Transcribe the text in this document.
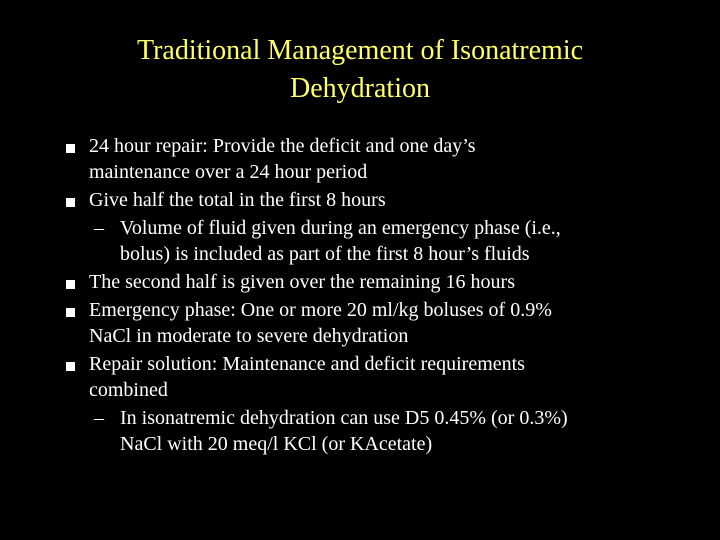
Traditional Management of Isonatremic
Dehydration
24 hour repair: Provide the deficit and one day’s
maintenance over a 24 hour period
Give half the total in the first 8 hours
– Volume of fluid given during an emergency phase (i.e.,
bolus) is included as part of the first 8 hour’s fluids
The second half is given over the remaining 16 hours
Emergency phase: One or more 20 ml/kg boluses of 0.9%
NaCl in moderate to severe dehydration
Repair solution: Maintenance and deficit requirements
combined
– In isonatremic dehydration can use D5 0.45% (or 0.3%)
NaCl with 20 meq/l KCl (or KAcetate)
